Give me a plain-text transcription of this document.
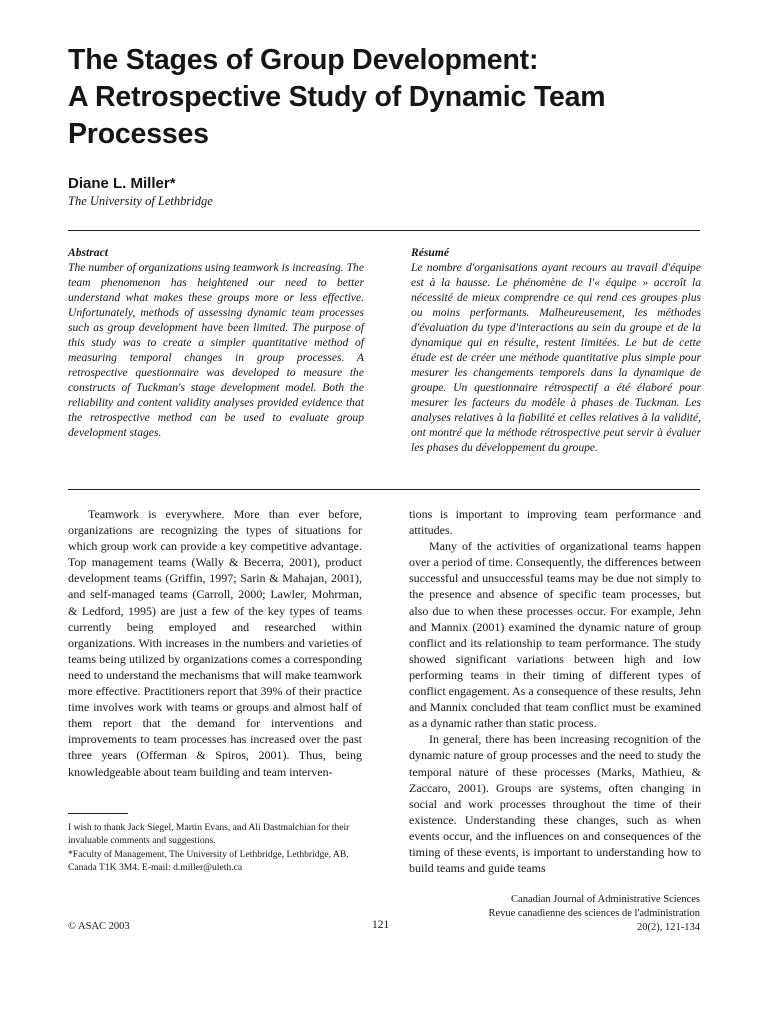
The Stages of Group Development:
A Retrospective Study of Dynamic Team
Processes
Diane L. Miller*
The University of Lethbridge
Abstract

The number of organizations using teamwork is increasing. The team phenomenon has heightened our need to better understand what makes these groups more or less effective. Unfortunately, methods of assessing dynamic team processes such as group development have been limited. The purpose of this study was to create a simpler quantitative method of measuring temporal changes in group processes. A retrospective questionnaire was developed to measure the constructs of Tuckman's stage development model. Both the reliability and content validity analyses provided evidence that the retrospective method can be used to evaluate group development stages.

Résumé

Le nombre d'organisations ayant recours au travail d'équipe est à la hausse. Le phénomène de l'« équipe » accroît la nécessité de mieux comprendre ce qui rend ces groupes plus ou moins performants. Malheureusement, les méthodes d'évaluation du type d'interactions au sein du groupe et de la dynamique qui en résulte, restent limitées. Le but de cette étude est de créer une méthode quantitative plus simple pour mesurer les changements temporels dans la dynamique de groupe. Un questionnaire rétrospectif a été élaboré pour mesurer les facteurs du modèle à phases de Tuckman. Les analyses relatives à la fiabilité et celles relatives à la validité, ont montré que la méthode rétrospective peut servir à évaluer les phases du développement du groupe.

Teamwork is everywhere. More than ever before, organizations are recognizing the types of situations for which group work can provide a key competitive advantage. Top management teams (Wally & Becerra, 2001), product development teams (Griffin, 1997; Sarin & Mahajan, 2001), and self-managed teams (Carroll, 2000; Lawler, Mohrman, & Ledford, 1995) are just a few of the key types of teams currently being employed and researched within organizations. With increases in the numbers and varieties of teams being utilized by organizations comes a corresponding need to understand the mechanisms that will make teamwork more effective. Practitioners report that 39% of their practice time involves work with teams or groups and almost half of them report that the demand for interventions and improvements to team processes has increased over the past three years (Offerman & Spiros, 2001). Thus, being knowledgeable about team building and team interven-

tions is important to improving team performance and attitudes.

Many of the activities of organizational teams happen over a period of time. Consequently, the differences between successful and unsuccessful teams may be due not simply to the presence and absence of specific team processes, but also due to when these processes occur. For example, Jehn and Mannix (2001) examined the dynamic nature of group conflict and its relationship to team performance. The study showed significant variations between high and low performing teams in their timing of different types of conflict engagement. As a consequence of these results, Jehn and Mannix concluded that team conflict must be examined as a dynamic rather than static process.

In general, there has been increasing recognition of the dynamic nature of group processes and the need to study the temporal nature of these processes (Marks, Mathieu, & Zaccaro, 2001). Groups are systems, often changing in social and work processes throughout the time of their existence. Understanding these changes, such as when events occur, and the influences on and consequences of the timing of these events, is important to understanding how to build teams and guide teams

I wish to thank Jack Siegel, Martin Evans, and Ali Dastmalchian for their invaluable comments and suggestions.

*Faculty of Management, The University of Lethbridge, Lethbridge, AB, Canada T1K 3M4. E-mail: d.miller@uleth.ca

© ASAC 2003	121
Canadian Journal of Administrative Sciences
Revue canadienne des sciences de l'administration
20(2), 121-134
